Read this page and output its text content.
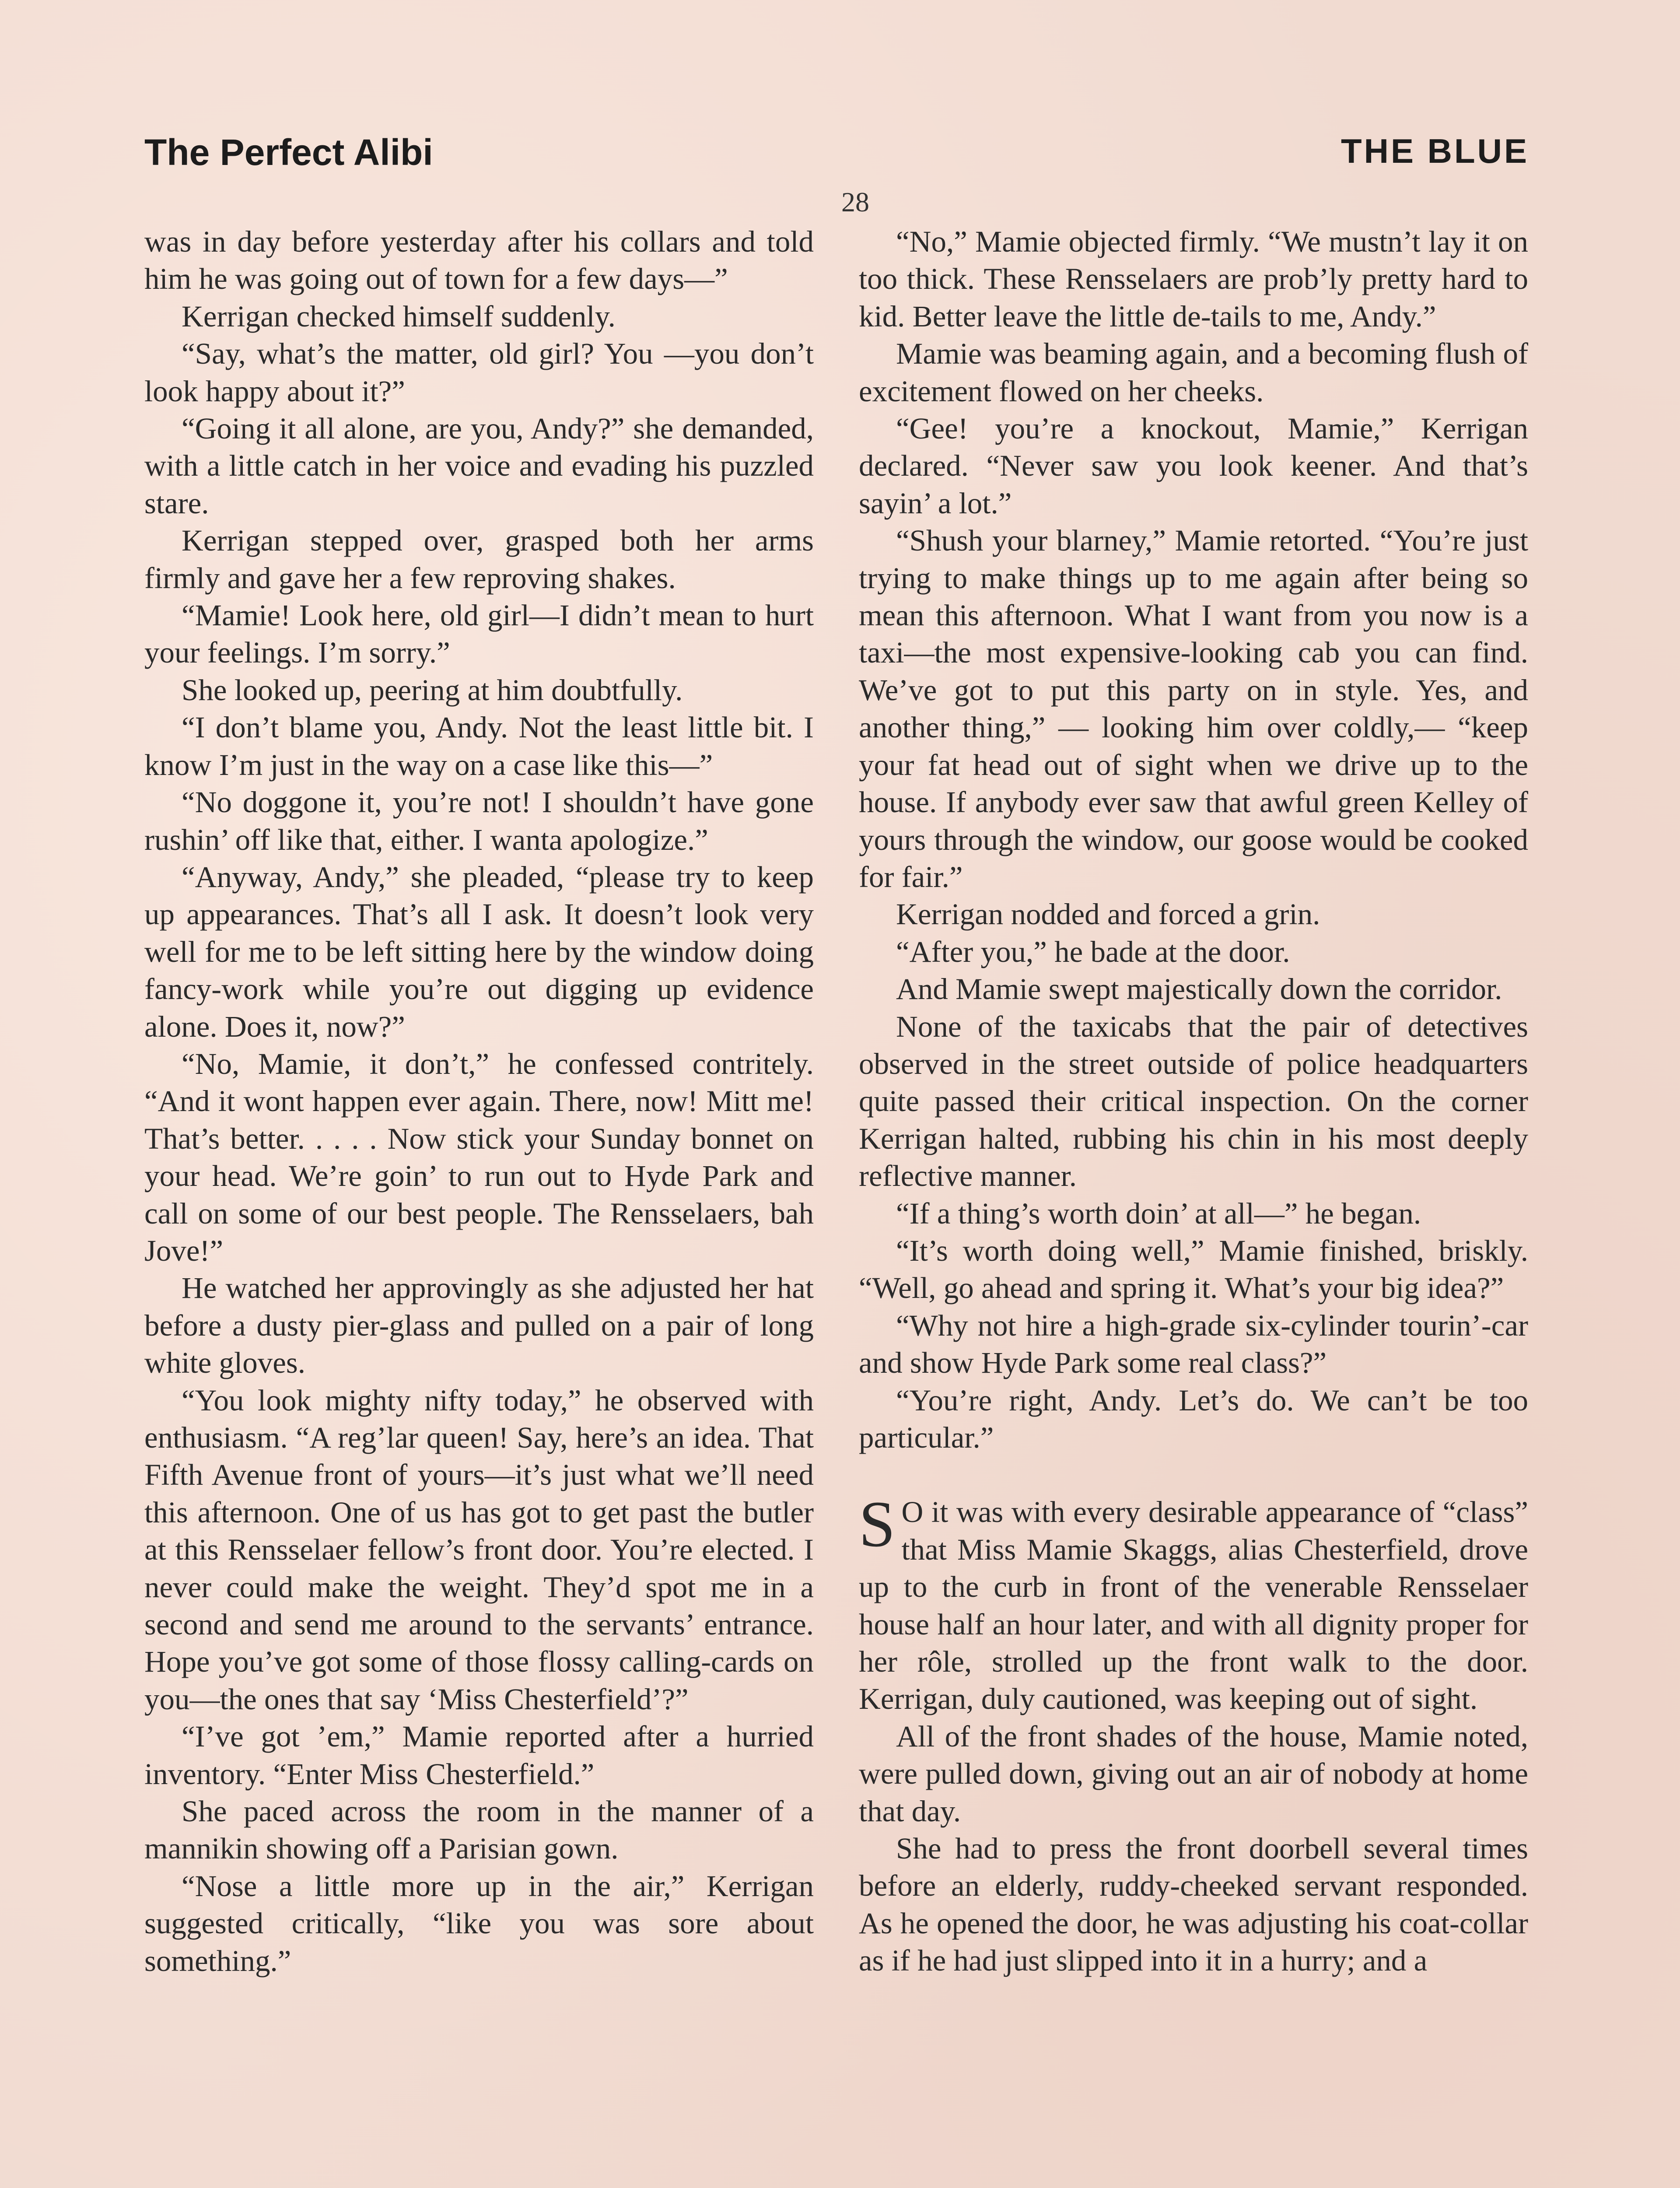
The Perfect Alibi	THE BLUE
28

was in day before yesterday after his collars and told him he was going out of town for a few days—”

Kerrigan checked himself suddenly.

“Say, what’s the matter, old girl? You —you don’t look happy about it?”

“Going it all alone, are you, Andy?” she demanded, with a little catch in her voice and evading his puzzled stare.

Kerrigan stepped over, grasped both her arms firmly and gave her a few reproving shakes.

“Mamie! Look here, old girl—I didn’t mean to hurt your feelings. I’m sorry.”

She looked up, peering at him doubtfully.

“I don’t blame you, Andy. Not the least little bit. I know I’m just in the way on a case like this—”

“No doggone it, you’re not! I shouldn’t have gone rushin’ off like that, either. I wanta apologize.”

“Anyway, Andy,” she pleaded, “please try to keep up appearances. That’s all I ask. It doesn’t look very well for me to be left sitting here by the window doing fancy-work while you’re out digging up evidence alone. Does it, now?”

“No, Mamie, it don’t,” he confessed contritely. “And it wont happen ever again. There, now! Mitt me! That’s better. . . . . Now stick your Sunday bonnet on your head. We’re goin’ to run out to Hyde Park and call on some of our best people. The Rensselaers, bah Jove!”

He watched her approvingly as she adjusted her hat before a dusty pier-glass and pulled on a pair of long white gloves.

“You look mighty nifty today,” he observed with enthusiasm. “A reg’lar queen! Say, here’s an idea. That Fifth Avenue front of yours—it’s just what we’ll need this afternoon. One of us has got to get past the butler at this Rensselaer fellow’s front door. You’re elected. I never could make the weight. They’d spot me in a second and send me around to the servants’ entrance. Hope you’ve got some of those flossy calling-cards on you—the ones that say ‘Miss Chesterfield’?”

“I’ve got ’em,” Mamie reported after a hurried inventory. “Enter Miss Chesterfield.”

She paced across the room in the manner of a mannikin showing off a Parisian gown.

“Nose a little more up in the air,” Kerrigan suggested critically, “like you was sore about something.”

“No,” Mamie objected firmly. “We mustn’t lay it on too thick. These Rensselaers are prob’ly pretty hard to kid. Better leave the little de-tails to me, Andy.”

Mamie was beaming again, and a becoming flush of excitement flowed on her cheeks.

“Gee! you’re a knockout, Mamie,” Kerrigan declared. “Never saw you look keener. And that’s sayin’ a lot.”

“Shush your blarney,” Mamie retorted. “You’re just trying to make things up to me again after being so mean this afternoon. What I want from you now is a taxi—the most expensive-looking cab you can find. We’ve got to put this party on in style. Yes, and another thing,” — looking him over coldly,— “keep your fat head out of sight when we drive up to the house. If anybody ever saw that awful green Kelley of yours through the window, our goose would be cooked for fair.”

Kerrigan nodded and forced a grin.

“After you,” he bade at the door.

And Mamie swept majestically down the corridor.

None of the taxicabs that the pair of detectives observed in the street outside of police headquarters quite passed their critical inspection. On the corner Kerrigan halted, rubbing his chin in his most deeply reflective manner.

“If a thing’s worth doin’ at all—” he began.

“It’s worth doing well,” Mamie finished, briskly. “Well, go ahead and spring it. What’s your big idea?”

“Why not hire a high-grade six-cylinder tourin’-car and show Hyde Park some real class?”

“You’re right, Andy. Let’s do. We can’t be too particular.”

S O it was with every desirable appearance of “class” that Miss Mamie Skaggs, alias Chesterfield, drove up to the curb in front of the venerable Rensselaer house half an hour later, and with all dignity proper for her rôle, strolled up the front walk to the door. Kerrigan, duly cautioned, was keeping out of sight.

All of the front shades of the house, Mamie noted, were pulled down, giving out an air of nobody at home that day.

She had to press the front doorbell several times before an elderly, ruddy-cheeked servant responded. As he opened the door, he was adjusting his coat-collar as if he had just slipped into it in a hurry; and a
